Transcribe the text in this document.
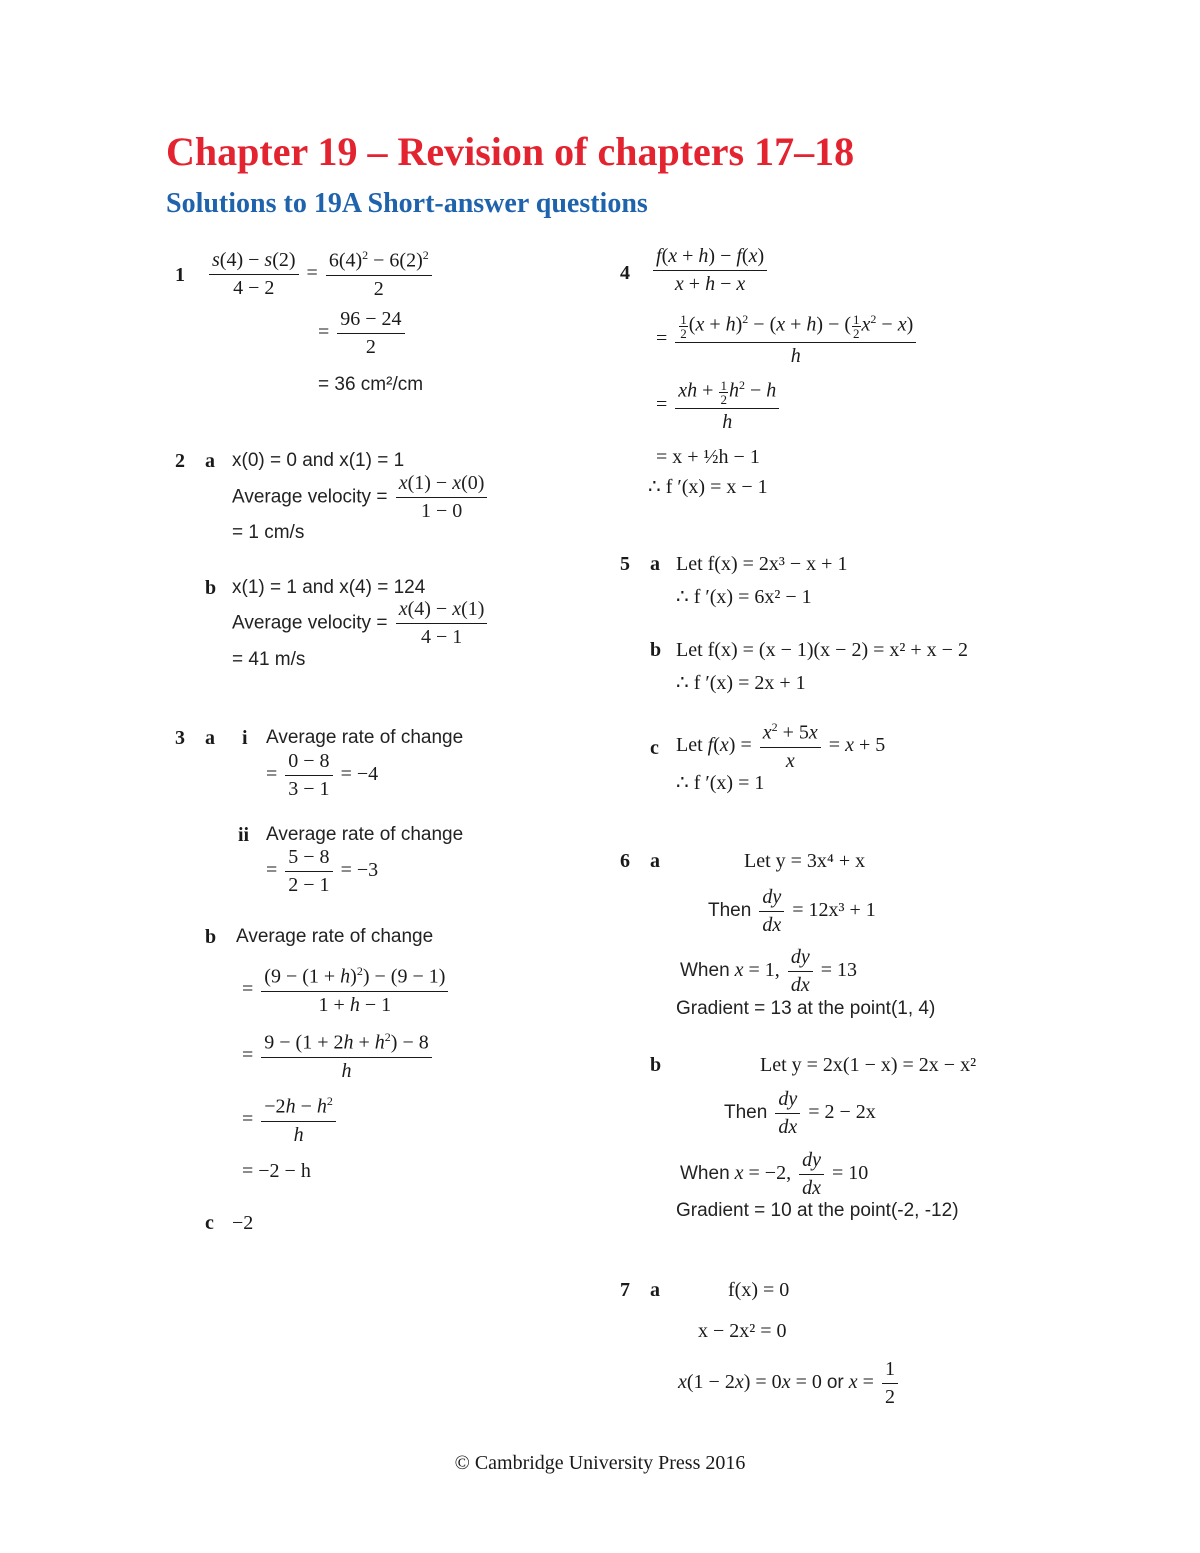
Chapter 19 – Revision of chapters 17–18
Solutions to 19A Short-answer questions
$1 \frac{s(4) - s(2)}{4 - 2} = \frac{6(4)^2 - 6(2)^2}{2}$
= $\frac{96 - 24}{2}$
= 36 cm²/cm
2 a x(0) = 0 and x(1) = 1
Average velocity = $\frac{x(1) - x(0)}{1 - 0}$
= 1 cm/s
b x(1) = 1 and x(4) = 124
Average velocity = $\frac{x(4) - x(1)}{4 - 1}$
= 41 m/s
3 a i Average rate of change
= $\frac{0 - 8}{3 - 1} = -4$
ii Average rate of change
= $\frac{5 - 8}{2 - 1} = -3$
b Average rate of change
= $\frac{(9 - (1 + h)^2) - (9 - 1)}{1 + h - 1}$
= $\frac{9 - (1 + 2h + h^2) - 8}{h}$
= $\frac{-2h - h^2}{h}$
= −2 − h
c −2
$4 \frac{f(x + h) - f(x)}{x + h - x}$
= $\frac{\frac{1}{2} (x + h)^2 - (x + h) - ( \frac{1}{2} x^2 - x)}{h}$
= $\frac{xh + \frac{1}{2} h^2 - h}{h}$
= x + ½h − 1
∴ f ′(x) = x − 1
5 a Let f(x) = 2x³ − x + 1
∴ f ′(x) = 6x² − 1
b Let f(x) = (x − 1)(x − 2) = x² + x − 2
∴ f ′(x) = 2x + 1
c Let $f(x) = \frac{x^2 + 5x}{x} = x + 5$
∴ f ′(x) = 1
6 a	Let y = 3x⁴ + x
Then $\frac{dy}{dx} = 12x^3 + 1$
When x = 1, $\frac{dy}{dx} = 13$
Gradient = 13 at the point(1, 4)
b	Let y = 2x(1 − x) = 2x − x²
Then $\frac{dy}{dx} = 2 - 2x$
When x = −2, $\frac{dy}{dx} = 10$
Gradient = 10 at the point(-2, -12)
7 a	f(x) = 0
x − 2x² = 0
x(1 − 2x) = 0x = 0 or $x = \frac{1}{2}$
© Cambridge University Press 2016
